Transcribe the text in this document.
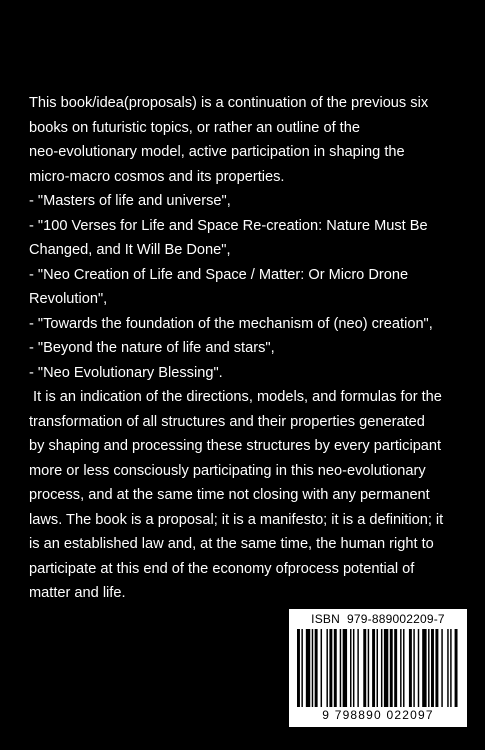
This book/idea(proposals) is a continuation of the previous six
books on futuristic topics, or rather an outline of the
neo-evolutionary model, active participation in shaping the
micro-macro cosmos and its properties.

- "Masters of life and universe",
- "100 Verses for Life and Space Re-creation: Nature Must Be
Changed, and It Will Be Done",
- "Neo Creation of Life and Space / Matter: Or Micro Drone
Revolution",
- "Towards the foundation of the mechanism of (neo) creation",
- "Beyond the nature of life and stars",
- "Neo Evolutionary Blessing".

It is an indication of the directions, models, and formulas for the
transformation of all structures and their properties generated
by shaping and processing these structures by every participant
more or less consciously participating in this neo-evolutionary
process, and at the same time not closing with any permanent
laws. The book is a proposal; it is a manifesto; it is a definition; it
is an established law and, at the same time, the human right to
participate at this end of the economy ofprocess potential of
matter and life.

ISBN  979-889002209-7
9 798890 022097
